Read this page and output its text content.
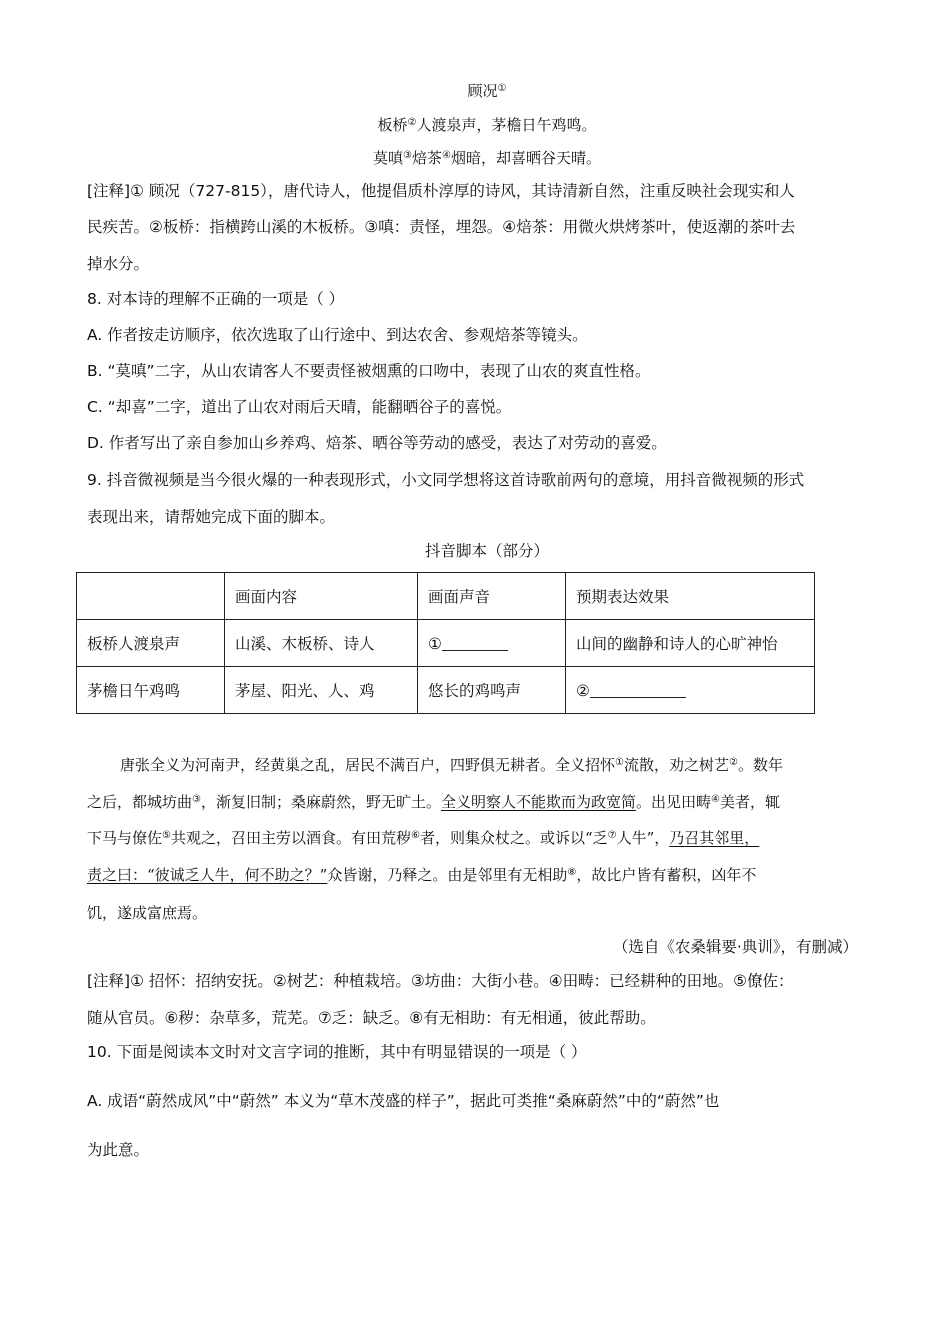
顾况①
板桥②人渡泉声，茅檐日午鸡鸣。
莫嗔③焙茶④烟暗，却喜晒谷天晴。
[注释]① 顾况（727-815），唐代诗人，他提倡质朴淳厚的诗风，其诗清新自然，注重反映社会现实和人
民疾苦。②板桥：指横跨山溪的木板桥。③嗔：责怪，埋怨。④焙茶：用微火烘烤茶叶，使返潮的茶叶去
掉水分。
8. 对本诗的理解不正确的一项是（ ）
A. 作者按走访顺序，依次选取了山行途中、到达农舍、参观焙茶等镜头。
B. “莫嗔”二字，从山农请客人不要责怪被烟熏的口吻中，表现了山农的爽直性格。
C. “却喜”二字，道出了山农对雨后天晴，能翻晒谷子的喜悦。
D. 作者写出了亲自参加山乡养鸡、焙茶、晒谷等劳动的感受，表达了对劳动的喜爱。
9. 抖音微视频是当今很火爆的一种表现形式，小文同学想将这首诗歌前两句的意境，用抖音微视频的形式
表现出来，请帮她完成下面的脚本。
抖音脚本（部分）
	画面内容	画面声音	预期表达效果
板桥人渡泉声	山溪、木板桥、诗人	①	山间的幽静和诗人的心旷神怡
茅檐日午鸡鸣	茅屋、阳光、人、鸡	悠长的鸡鸣声	②
唐张全义为河南尹，经黄巢之乱，居民不满百户，四野俱无耕者。全义招怀①流散，劝之树艺②。数年
之后，都城坊曲③，渐复旧制；桑麻蔚然，野无旷土。全义明察人不能欺而为政宽简。出见田畴④美者，辄
下马与僚佐⑤共观之，召田主劳以酒食。有田荒秽⑥者，则集众杖之。或诉以“乏⑦人牛”，乃召其邻里，
责之曰：“彼诚乏人牛，何不助之？”众皆谢，乃释之。由是邻里有无相助⑧，故比户皆有蓄积，凶年不
饥，遂成富庶焉。
（选自《农桑辑要·典训》，有删减）
[注释]① 招怀：招纳安抚。②树艺：种植栽培。③坊曲：大街小巷。④田畴：已经耕种的田地。⑤僚佐：
随从官员。⑥秽：杂草多，荒芜。⑦乏：缺乏。⑧有无相助：有无相通，彼此帮助。
10. 下面是阅读本文时对文言字词的推断，其中有明显错误的一项是（ ）
A. 成语“蔚然成风”中“蔚然” 本义为“草木茂盛的样子”，据此可类推“桑麻蔚然”中的“蔚然”也
为此意。
